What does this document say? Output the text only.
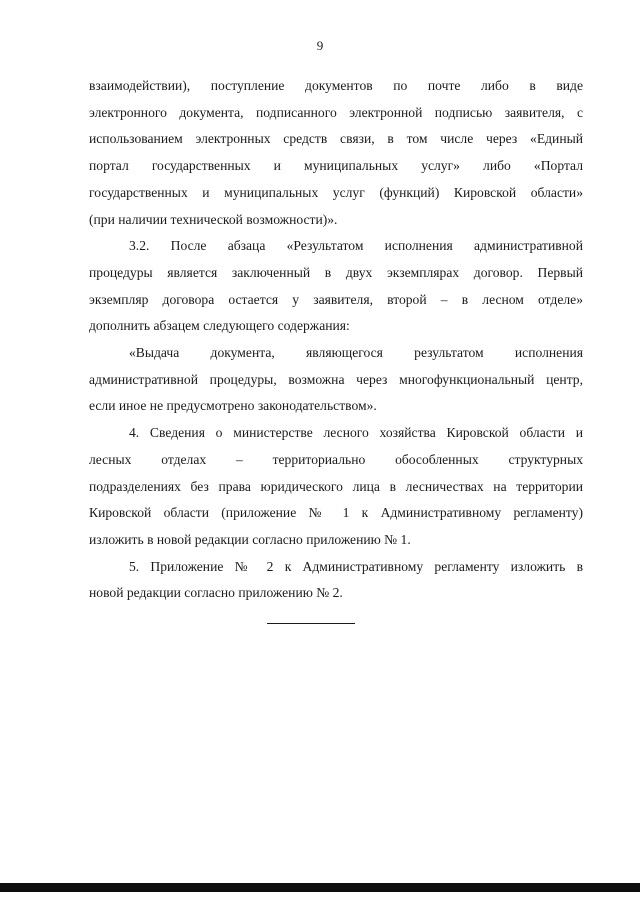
9
взаимодействии), поступление документов по почте либо в виде
электронного документа, подписанного электронной подписью заявителя, с
использованием электронных средств связи, в том числе через «Единый
портал государственных и муниципальных услуг» либо «Портал
государственных и муниципальных услуг (функций) Кировской области»
(при наличии технической возможности)».
3.2. После абзаца «Результатом исполнения административной
процедуры является заключенный в двух экземплярах договор. Первый
экземпляр договора остается у заявителя, второй – в лесном отделе»
дополнить абзацем следующего содержания:
«Выдача документа, являющегося результатом исполнения
административной процедуры, возможна через многофункциональный центр,
если иное не предусмотрено законодательством».
4. Сведения о министерстве лесного хозяйства Кировской области и
лесных отделах – территориально обособленных структурных
подразделениях без права юридического лица в лесничествах на территории
Кировской области (приложение № 1 к Административному регламенту)
изложить в новой редакции согласно приложению № 1.
5. Приложение № 2 к Административному регламенту изложить в
новой редакции согласно приложению № 2.
